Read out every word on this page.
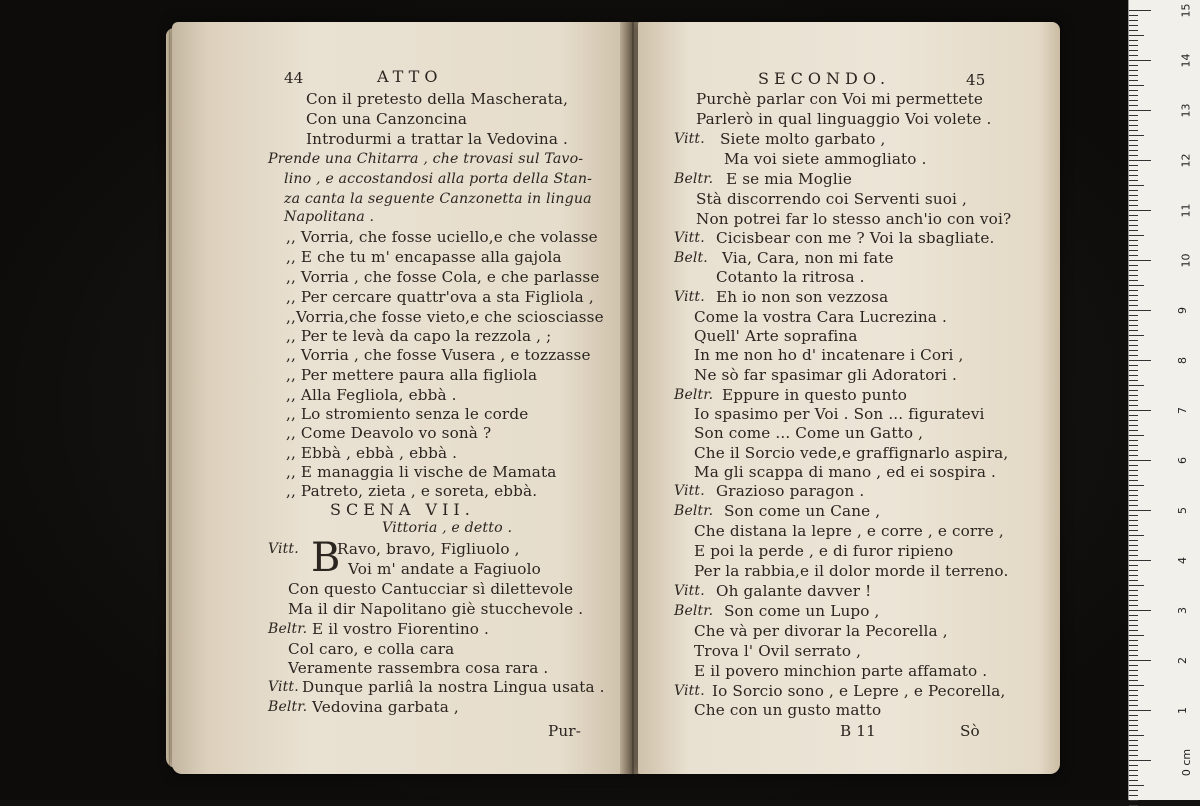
44	ATTO
Con il pretesto della Mascherata,
Con una Canzoncina
Introdurmi a trattar la Vedovina .
Prende una Chitarra , che trovasi sul Tavo-
lino , e accostandosi alla porta della Stan-
za canta la seguente Canzonetta in lingua
Napolitana .
,, Vorria, che fosse uciello,e che volasse
,, E che tu m' encapasse alla gajola
,, Vorria , che fosse Cola, e che parlasse
,, Per cercare quattr'ova a sta Figliola ,
,,Vorria,che fosse vieto,e che sciosciasse
,, Per te levà da capo la rezzola , ;
,, Vorria , che fosse Vusera , e tozzasse
,, Per mettere paura alla figliola
,, Alla Fegliola, ebbà .
,, Lo stromiento senza le corde
,, Come Deavolo vo sonà ?
,, Ebbà , ebbà , ebbà .
,, E managgia li vische de Mamata
,, Patreto, zieta , e soreta, ebbà.
SCENA VII.
Vittoria , e detto .
Vitt. B
Ravo, bravo, Figliuolo ,
Voi m' andate a Fagiuolo
Con questo Cantucciar sì dilettevole
Ma il dir Napolitano giè stucchevole .
Beltr. E il vostro Fiorentino .
Col caro, e colla cara
Veramente rassembra cosa rara .
Vitt. Dunque parliâ la nostra Lingua usata .
Beltr. Vedovina garbata ,
Pur-
SECONDO.	45
Purchè parlar con Voi mi permettete
Parlerò in qual linguaggio Voi volete .
Vitt. Siete molto garbato ,
Ma voi siete ammogliato .
Beltr. E se mia Moglie
Stà discorrendo coi Serventi suoi ,
Non potrei far lo stesso anch'io con voi?
Vitt. Cicisbear con me ? Voi la sbagliate.
Belt. Via, Cara, non mi fate
Cotanto la ritrosa .
Vitt. Eh io non son vezzosa
Come la vostra Cara Lucrezina .
Quell' Arte soprafina
In me non ho d' incatenare i Cori ,
Ne sò far spasimar gli Adoratori .
Beltr. Eppure in questo punto
Io spasimo per Voi . Son ... figuratevi
Son come ... Come un Gatto ,
Che il Sorcio vede,e graffignarlo aspira,
Ma gli scappa di mano , ed ei sospira .
Vitt. Grazioso paragon .
Beltr. Son come un Cane ,
Che distana la lepre , e corre , e corre ,
E poi la perde , e di furor ripieno
Per la rabbia,e il dolor morde il terreno.
Vitt. Oh galante davver !
Beltr. Son come un Lupo ,
Che và per divorar la Pecorella ,
Trova l' Ovil serrato ,
E il povero minchion parte affamato .
Vitt. Io Sorcio sono , e Lepre , e Pecorella,
Che con un gusto matto
B 11	Sò
15
14
13
12
11
10
9
8
7
6
5
4
3
2
1
0 cm
